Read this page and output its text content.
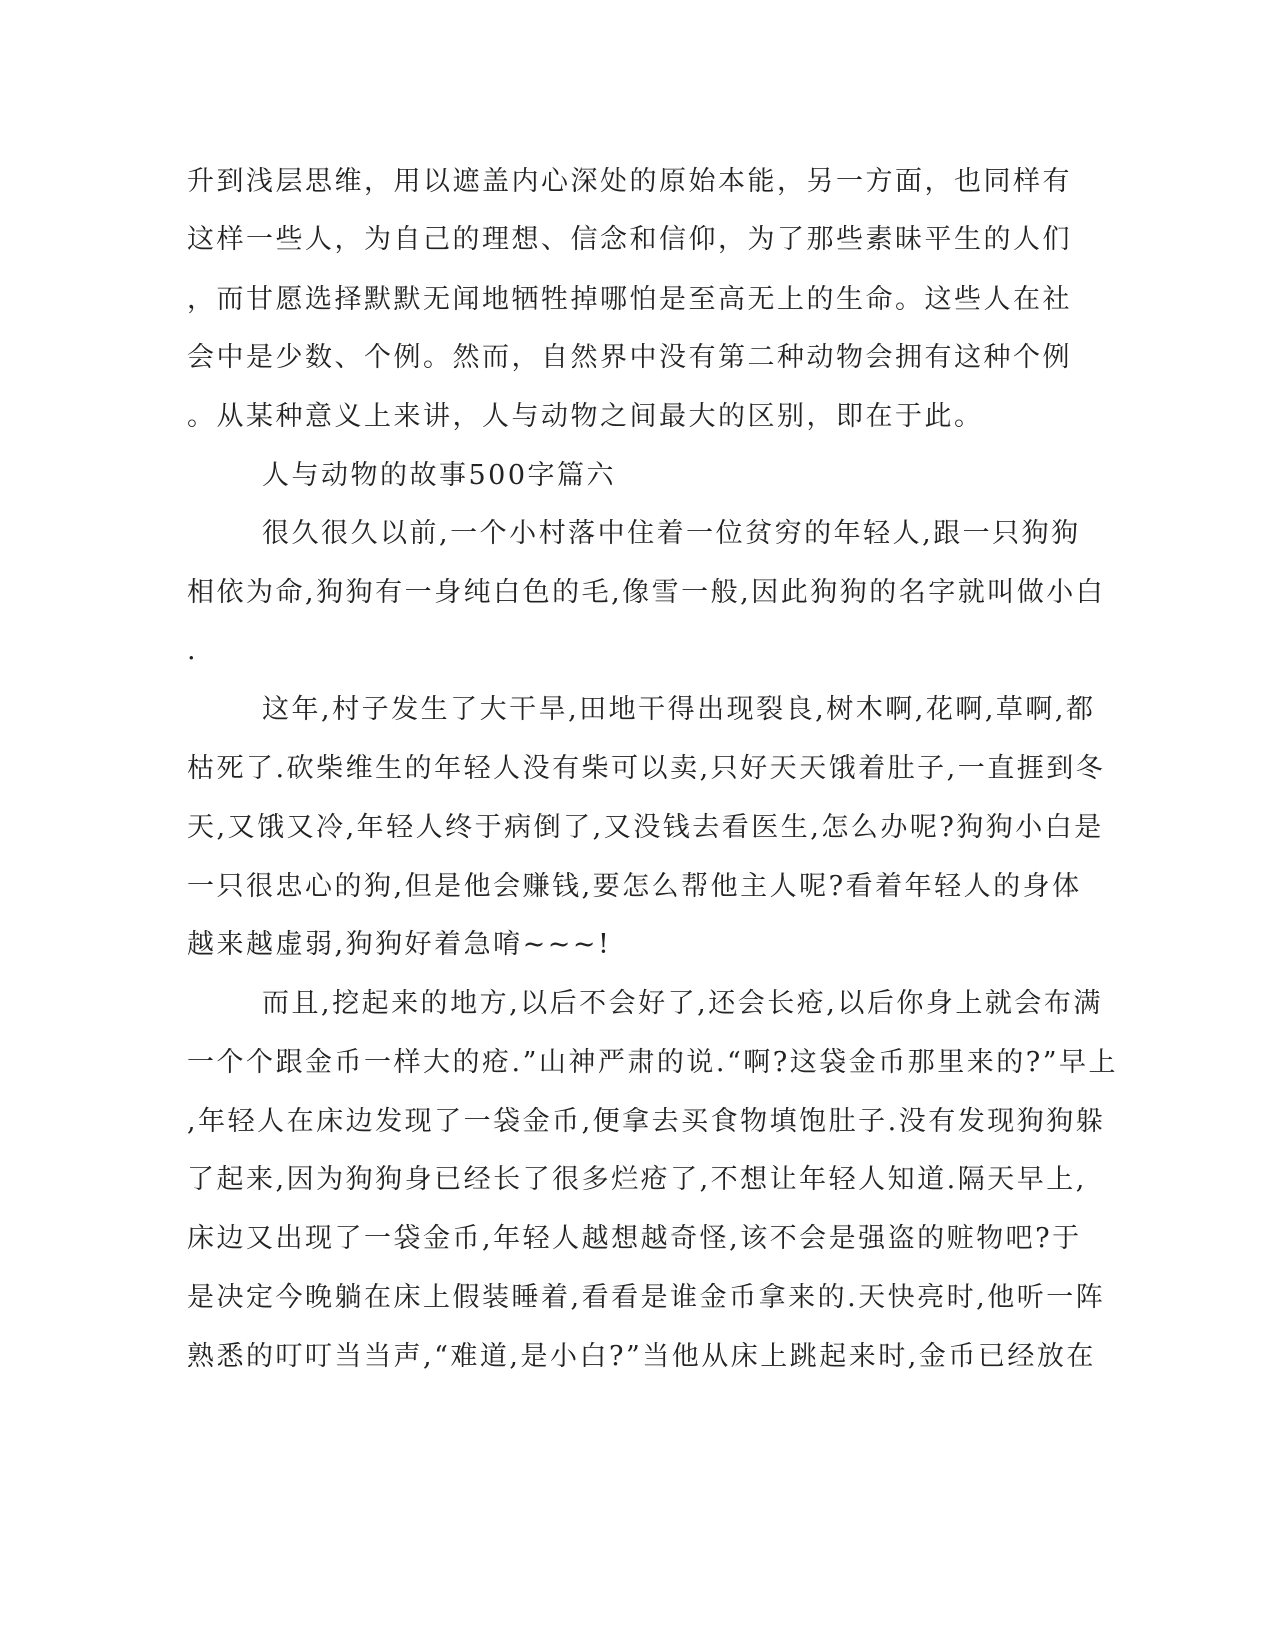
升到浅层思维，用以遮盖内心深处的原始本能，另一方面，也同样有
这样一些人，为自己的理想、信念和信仰，为了那些素昧平生的人们
，而甘愿选择默默无闻地牺牲掉哪怕是至高无上的生命。这些人在社
会中是少数、个例。然而，自然界中没有第二种动物会拥有这种个例
。从某种意义上来讲，人与动物之间最大的区别，即在于此。
人与动物的故事500字篇六
很久很久以前,一个小村落中住着一位贫穷的年轻人,跟一只狗狗
相依为命,狗狗有一身纯白色的毛,像雪一般,因此狗狗的名字就叫做小白
.
这年,村子发生了大干旱,田地干得出现裂良,树木啊,花啊,草啊,都
枯死了.砍柴维生的年轻人没有柴可以卖,只好天天饿着肚子,一直捱到冬
天,又饿又冷,年轻人终于病倒了,又没钱去看医生,怎么办呢?狗狗小白是
一只很忠心的狗,但是他会赚钱,要怎么帮他主人呢?看着年轻人的身体
越来越虚弱,狗狗好着急唷~~~!
而且,挖起来的地方,以后不会好了,还会长疮,以后你身上就会布满
一个个跟金币一样大的疮.”山神严肃的说.“啊?这袋金币那里来的?”早上
,年轻人在床边发现了一袋金币,便拿去买食物填饱肚子.没有发现狗狗躲
了起来,因为狗狗身已经长了很多烂疮了,不想让年轻人知道.隔天早上,
床边又出现了一袋金币,年轻人越想越奇怪,该不会是强盗的赃物吧?于
是决定今晚躺在床上假装睡着,看看是谁金币拿来的.天快亮时,他听一阵
熟悉的叮叮当当声,“难道,是小白?”当他从床上跳起来时,金币已经放在
